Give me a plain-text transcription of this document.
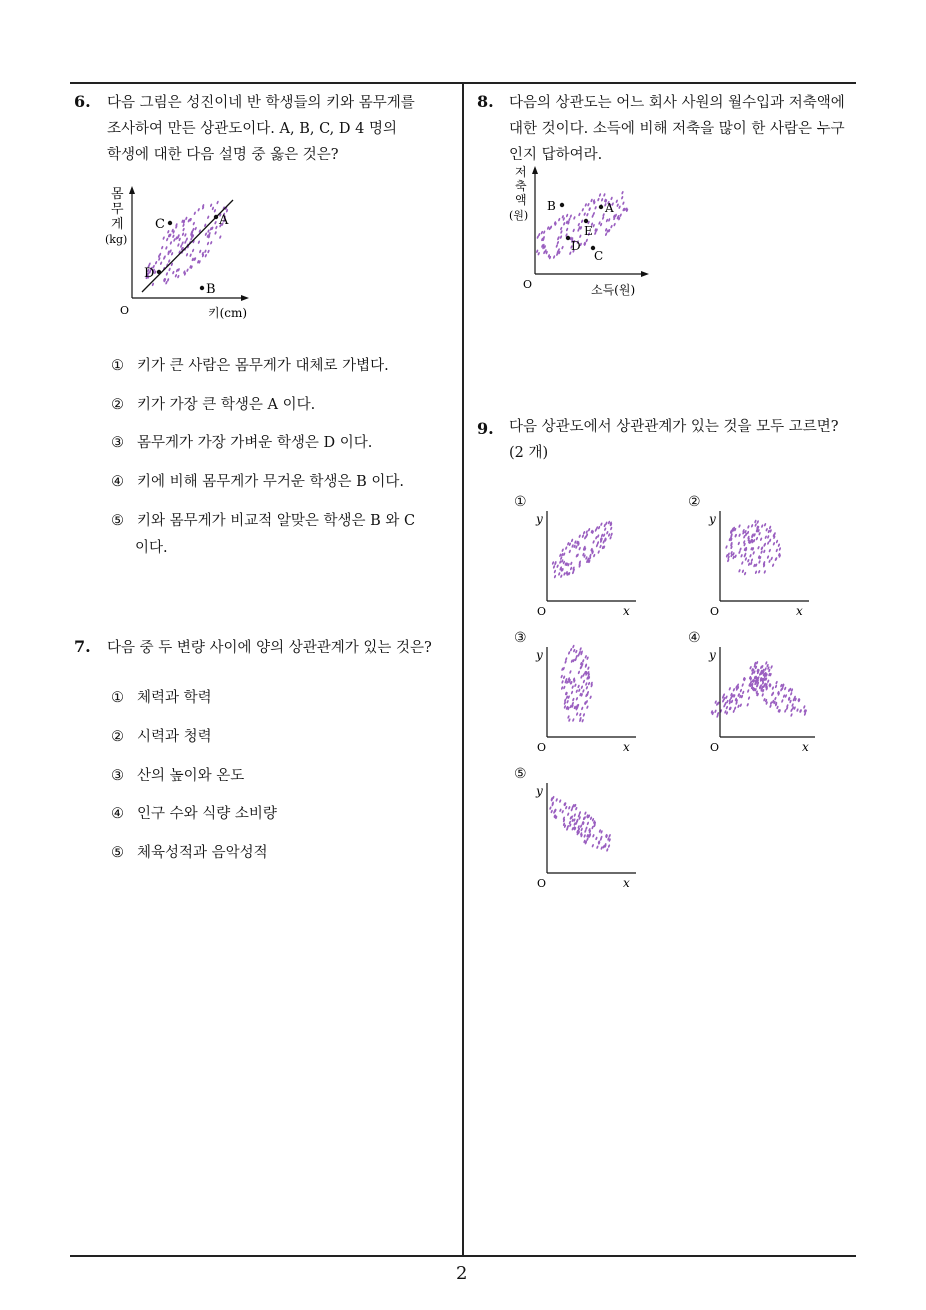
6. 다음 그림은 성진이네 반 학생들의 키와 몸무게를
조사하여 만든 상관도이다. A, B, C, D 4 명의
학생에 대한 다음 설명 중 옳은 것은?
몸
무
게
(kg)
O	키(cm)
C	A
D
B
① 키가 큰 사람은 몸무게가 대체로 가볍다.
② 키가 가장 큰 학생은 A 이다.
③ 몸무게가 가장 가벼운 학생은 D 이다.
④ 키에 비해 몸무게가 무거운 학생은 B 이다.
⑤ 키와 몸무게가 비교적 알맞은 학생은 B 와 C
이다.
7. 다음 중 두 변량 사이에 양의 상관관계가 있는 것은?
① 체력과 학력
② 시력과 청력
③ 산의 높이와 온도
④ 인구 수와 식량 소비량
⑤ 체육성적과 음악성적
8. 다음의 상관도는 어느 회사 사원의 월수입과 저축액에
대한 것이다. 소득에 비해 저축을 많이 한 사람은 누구
인지 답하여라.
저
축
액
(원)
O	소득(원)
B	A
E
D
C
9. 다음 상관도에서 상관관계가 있는 것을 모두 고르면?
(2 개)
①	②
③	④
⑤
y
O	x
y
O	x
y
O	x
y
O	x
y
O	x
2
